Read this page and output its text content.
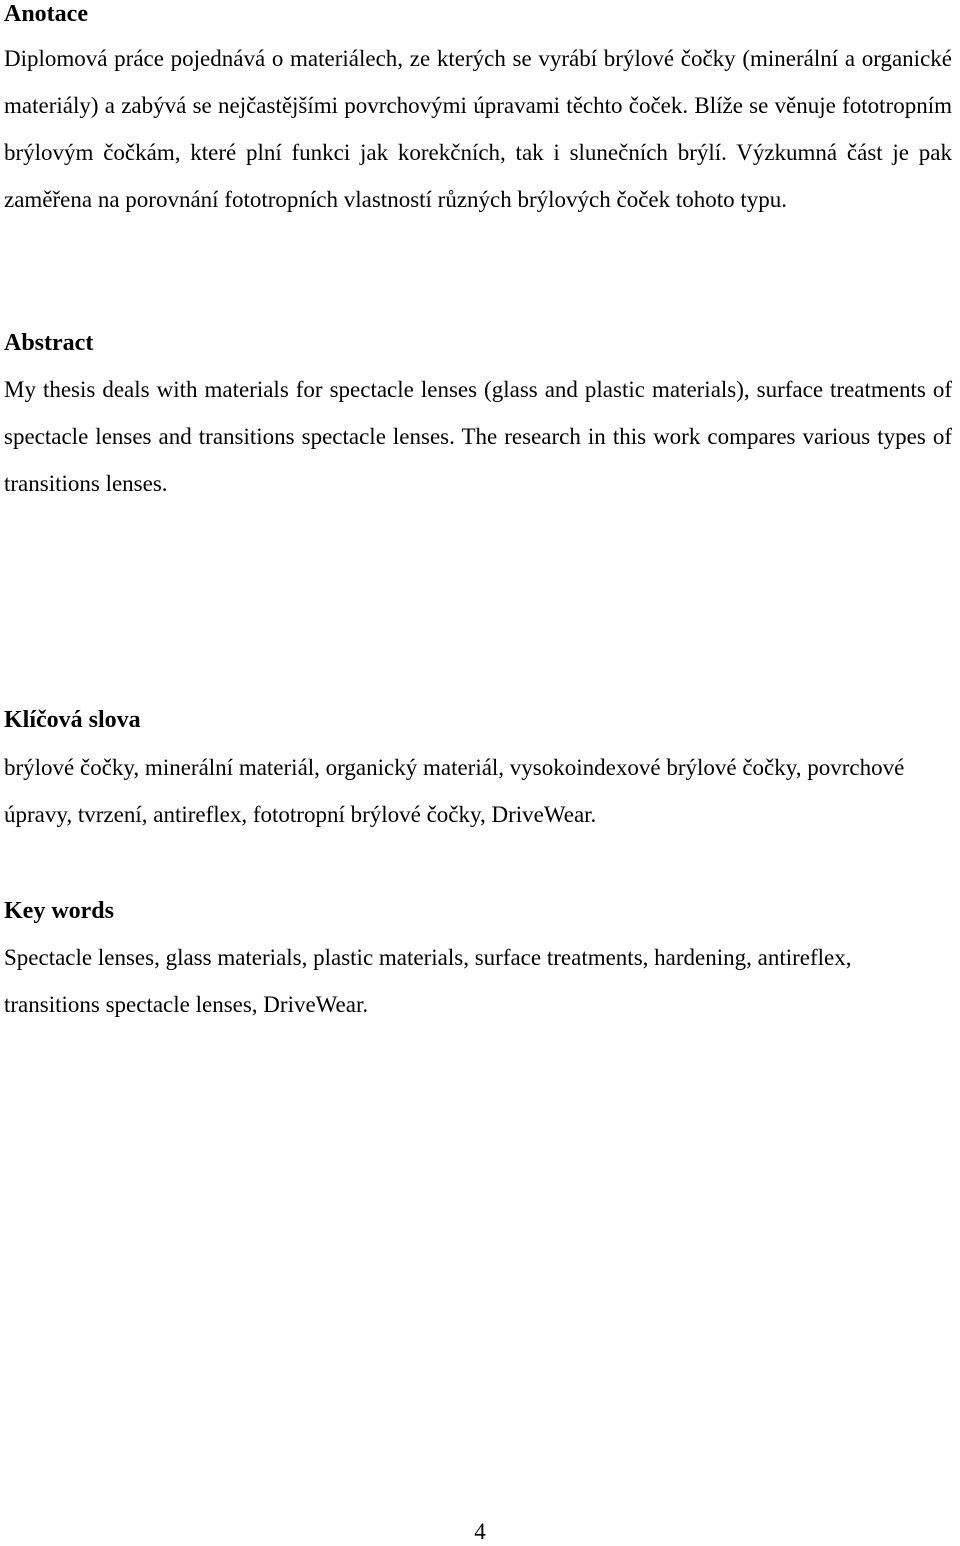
Anotace

Diplomová práce pojednává o materiálech, ze kterých se vyrábí brýlové čočky (minerální a organické materiály) a zabývá se nejčastějšími povrchovými úpravami těchto čoček. Blíže se věnuje fototropním brýlovým čočkám, které plní funkci jak korekčních, tak i slunečních brýlí. Výzkumná část je pak zaměřena na porovnání fototropních vlastností různých brýlových čoček tohoto typu.

Abstract

My thesis deals with materials for spectacle lenses (glass and plastic materials), surface treatments of spectacle lenses and transitions spectacle lenses. The research in this work compares various types of transitions lenses.

Klíčová slova

brýlové čočky, minerální materiál, organický materiál, vysokoindexové brýlové čočky, povrchové úpravy, tvrzení, antireflex, fototropní brýlové čočky, DriveWear.

Key words

Spectacle lenses, glass materials, plastic materials, surface treatments, hardening, antireflex, transitions spectacle lenses, DriveWear.

4
